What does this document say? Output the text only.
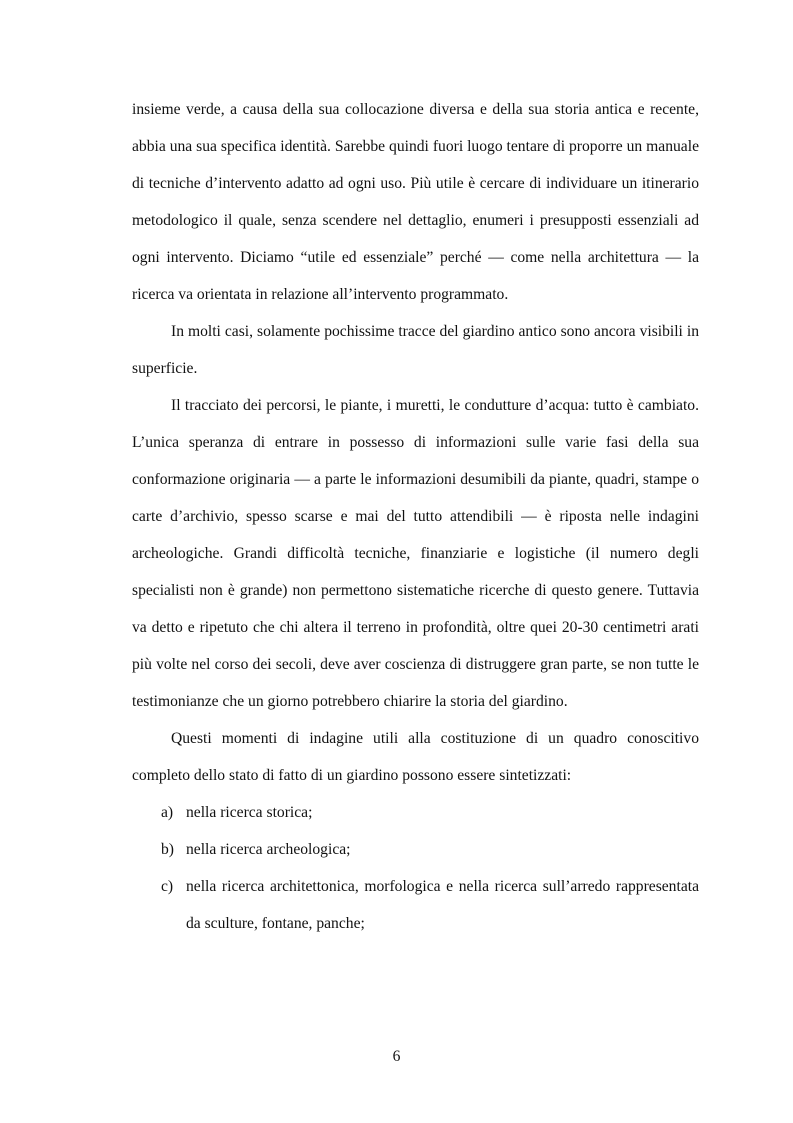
insieme verde, a causa della sua collocazione diversa e della sua storia antica e recente, abbia una sua specifica identità. Sarebbe quindi fuori luogo tentare di proporre un manuale di tecniche d’intervento adatto ad ogni uso. Più utile è cercare di individuare un itinerario metodologico il quale, senza scendere nel dettaglio, enumeri i presupposti essenziali ad ogni intervento. Diciamo “utile ed essenziale” perché — come nella architettura — la ricerca va orientata in relazione all’intervento programmato.

In molti casi, solamente pochissime tracce del giardino antico sono ancora visibili in superficie.

Il tracciato dei percorsi, le piante, i muretti, le condutture d’acqua: tutto è cambiato. L’unica speranza di entrare in possesso di informazioni sulle varie fasi della sua conformazione originaria — a parte le informazioni desumibili da piante, quadri, stampe o carte d’archivio, spesso scarse e mai del tutto attendibili — è riposta nelle indagini archeologiche. Grandi difficoltà tecniche, finanziarie e logistiche (il numero degli specialisti non è grande) non permettono sistematiche ricerche di questo genere. Tuttavia va detto e ripetuto che chi altera il terreno in profondità, oltre quei 20-30 centimetri arati più volte nel corso dei secoli, deve aver coscienza di distruggere gran parte, se non tutte le testimonianze che un giorno potrebbero chiarire la storia del giardino.

Questi momenti di indagine utili alla costituzione di un quadro conoscitivo completo dello stato di fatto di un giardino possono essere sintetizzati:

a) nella ricerca storica;
b) nella ricerca archeologica;
c) nella ricerca architettonica, morfologica e nella ricerca sull’arredo rappresentata da sculture, fontane, panche;
6
